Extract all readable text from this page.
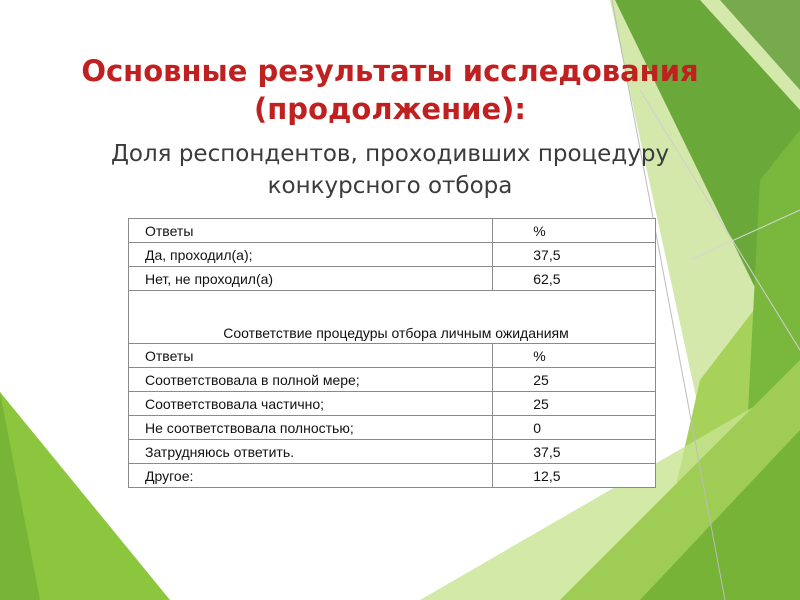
Основные результаты исследования
(продолжение):
Доля респондентов, проходивших процедуру
конкурсного отбора
Ответы	%
Да, проходил(а);	37,5
Нет, не проходил(а)	62,5
Соответствие процедуры отбора личным ожиданиям	
Ответы	%
Соответствовала в полной мере;	25
Соответствовала частично;	25
Не соответствовала полностью;	0
Затрудняюсь ответить.	37,5
Другое:	12,5
